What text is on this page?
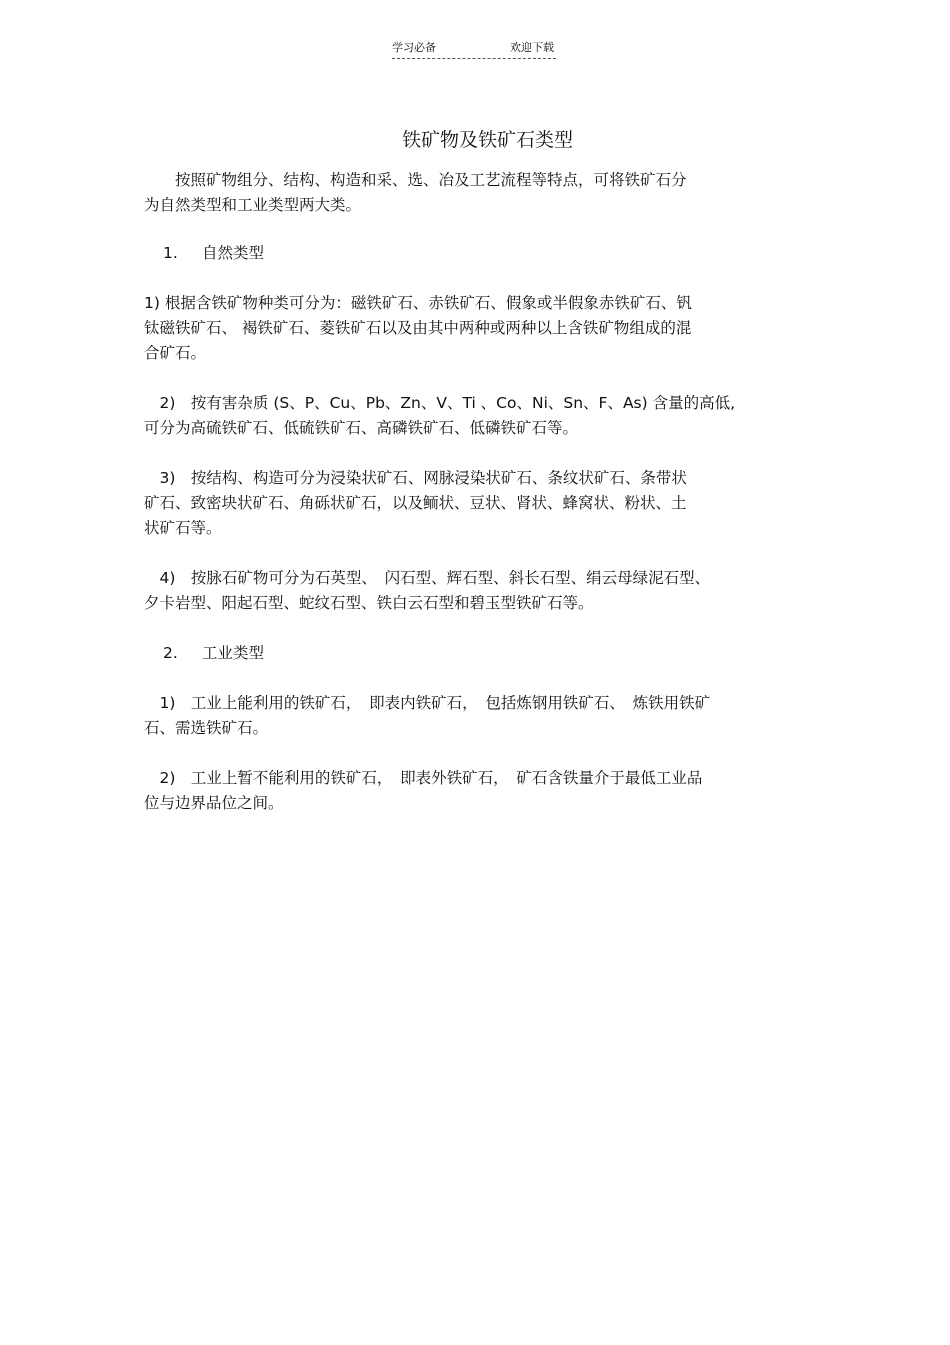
学习必备	欢迎下载
铁矿物及铁矿石类型

　　按照矿物组分、结构、构造和采、选、冶及工艺流程等特点，可将铁矿石分
为自然类型和工业类型两大类。

1. 自然类型

1) 根据含铁矿物种类可分为：磁铁矿石、赤铁矿石、假象或半假象赤铁矿石、钒
钛磁铁矿石、 褐铁矿石、菱铁矿石以及由其中两种或两种以上含铁矿物组成的混
合矿石。

　2)　按有害杂质 (S、P、Cu、Pb、Zn、V、Ti 、Co、Ni、Sn、F、As) 含量的高低,
可分为高硫铁矿石、低硫铁矿石、高磷铁矿石、低磷铁矿石等。

　3)　按结构、构造可分为浸染状矿石、网脉浸染状矿石、条纹状矿石、条带状
矿石、致密块状矿石、角砾状矿石，以及鲕状、豆状、肾状、蜂窝状、粉状、土
状矿石等。

　4)　按脉石矿物可分为石英型、　闪石型、辉石型、斜长石型、绢云母绿泥石型、
夕卡岩型、阳起石型、蛇纹石型、铁白云石型和碧玉型铁矿石等。

2. 工业类型

　1)　工业上能利用的铁矿石，　即表内铁矿石，　包括炼钢用铁矿石、　炼铁用铁矿
石、需选铁矿石。

　2)　工业上暂不能利用的铁矿石，　即表外铁矿石，　矿石含铁量介于最低工业品
位与边界品位之间。
